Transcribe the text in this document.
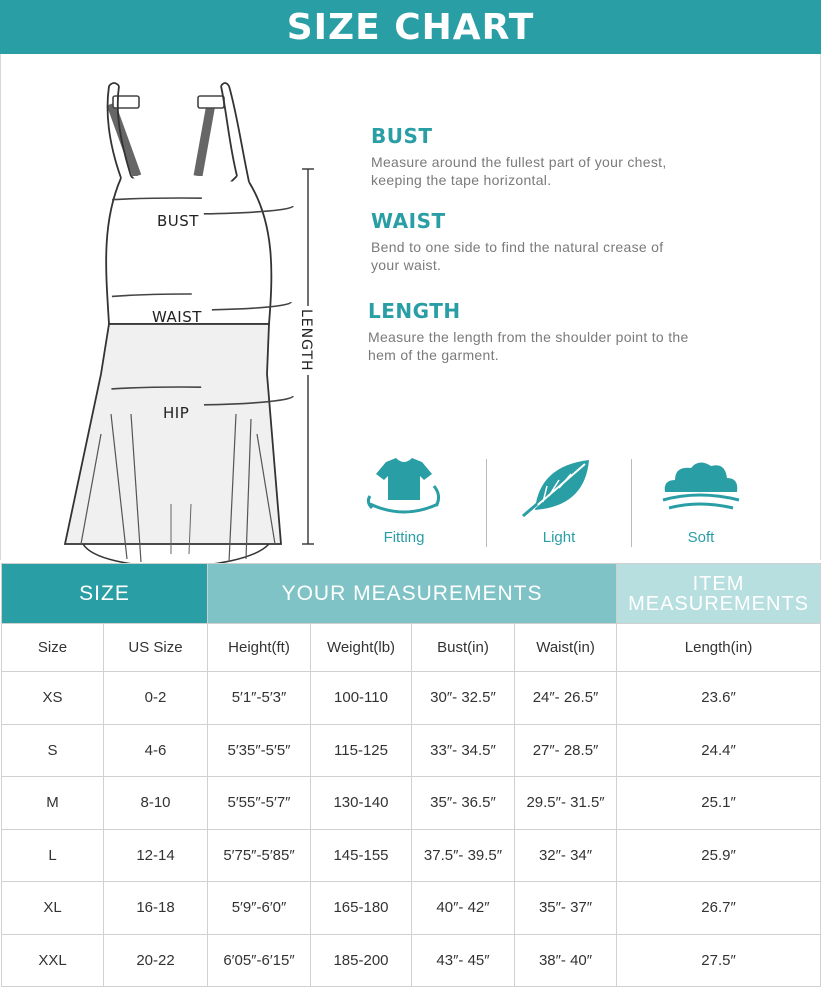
SIZE CHART
BUST
WAIST
HIP
LENGTH
BUST
Measure around the fullest part of your chest,
keeping the tape horizontal.
WAIST
Bend to one side to find the natural crease of
your waist.
LENGTH
Measure the length from the shoulder point to the
hem of the garment.
Fitting	Light	Soft
SIZE		YOUR MEASUREMENTS				ITEM
MEASUREMENTS

Size	US Size	Height(ft)	Weight(lb)	Bust(in)	Waist(in)	Length(in)
XS	0-2	5′1″-5′3″	100-110	30″- 32.5″	24″- 26.5″	23.6″
S	4-6	5′35″-5′5″	115-125	33″- 34.5″	27″- 28.5″	24.4″
M	8-10	5′55″-5′7″	130-140	35″- 36.5″	29.5″- 31.5″	25.1″
L	12-14	5′75″-5′85″	145-155	37.5″- 39.5″	32″- 34″	25.9″
XL	16-18	5′9″-6′0″	165-180	40″- 42″	35″- 37″	26.7″
XXL	20-22	6′05″-6′15″	185-200	43″- 45″	38″- 40″	27.5″
